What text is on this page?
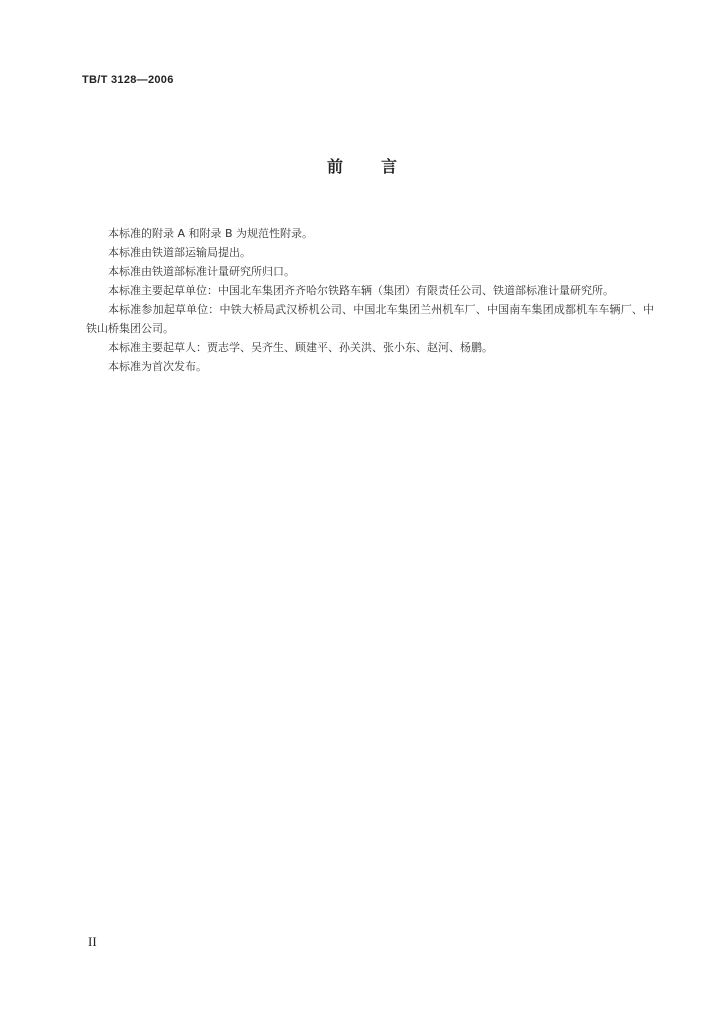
TB/T 3128—2006
前 言

本标准的附录 A 和附录 B 为规范性附录。

本标准由铁道部运输局提出。

本标准由铁道部标准计量研究所归口。

本标准主要起草单位：中国北车集团齐齐哈尔铁路车辆（集团）有限责任公司、铁道部标准计量研究所。

本标准参加起草单位：中铁大桥局武汉桥机公司、中国北车集团兰州机车厂、中国南车集团成都机车车辆厂、中铁山桥集团公司。

本标准主要起草人：贾志学、吴齐生、顾建平、孙关洪、张小东、赵河、杨鹏。

本标准为首次发布。

II
